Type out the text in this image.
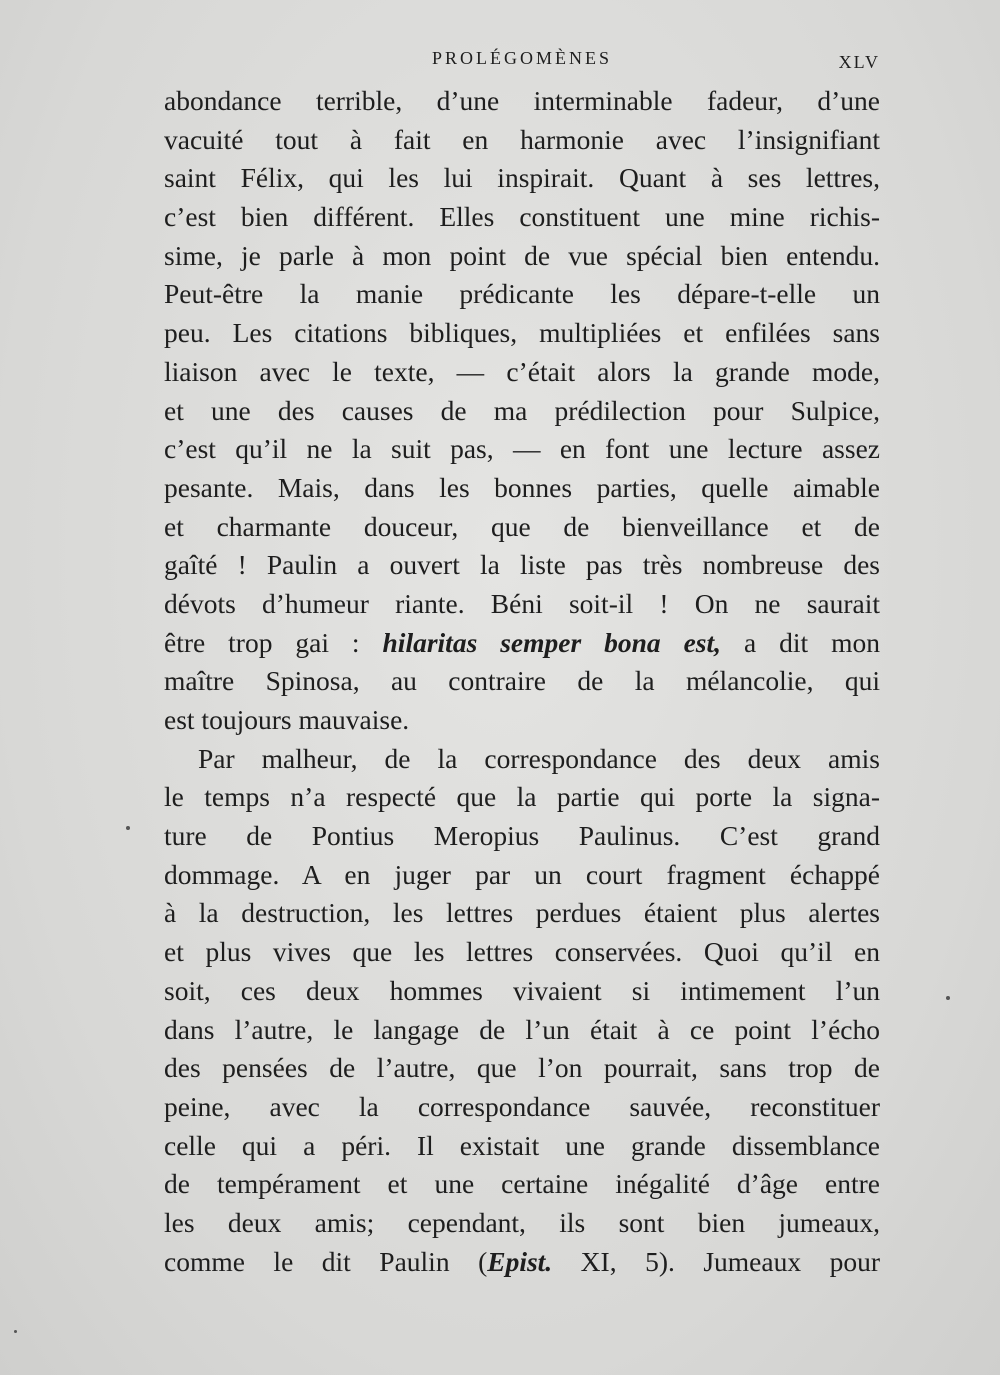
PROLÉGOMÈNES	XLV
abondance terrible, d’une interminable fadeur, d’une
vacuité tout à fait en harmonie avec l’insignifiant
saint Félix, qui les lui inspirait. Quant à ses lettres,
c’est bien différent. Elles constituent une mine richis-
sime, je parle à mon point de vue spécial bien entendu.
Peut-être la manie prédicante les dépare-t-elle un
peu. Les citations bibliques, multipliées et enfilées sans
liaison avec le texte, — c’était alors la grande mode,
et une des causes de ma prédilection pour Sulpice,
c’est qu’il ne la suit pas, — en font une lecture assez
pesante. Mais, dans les bonnes parties, quelle aimable
et charmante douceur, que de bienveillance et de
gaîté ! Paulin a ouvert la liste pas très nombreuse des
dévots d’humeur riante. Béni soit-il ! On ne saurait
être trop gai : hilaritas semper bona est, a dit mon
maître Spinosa, au contraire de la mélancolie, qui
est toujours mauvaise.
Par malheur, de la correspondance des deux amis
le temps n’a respecté que la partie qui porte la signa-
ture de Pontius Meropius Paulinus. C’est grand
dommage. A en juger par un court fragment échappé
à la destruction, les lettres perdues étaient plus alertes
et plus vives que les lettres conservées. Quoi qu’il en
soit, ces deux hommes vivaient si intimement l’un
dans l’autre, le langage de l’un était à ce point l’écho
des pensées de l’autre, que l’on pourrait, sans trop de
peine, avec la correspondance sauvée, reconstituer
celle qui a péri. Il existait une grande dissemblance
de tempérament et une certaine inégalité d’âge entre
les deux amis; cependant, ils sont bien jumeaux,
comme le dit Paulin (Epist. XI, 5). Jumeaux pour
